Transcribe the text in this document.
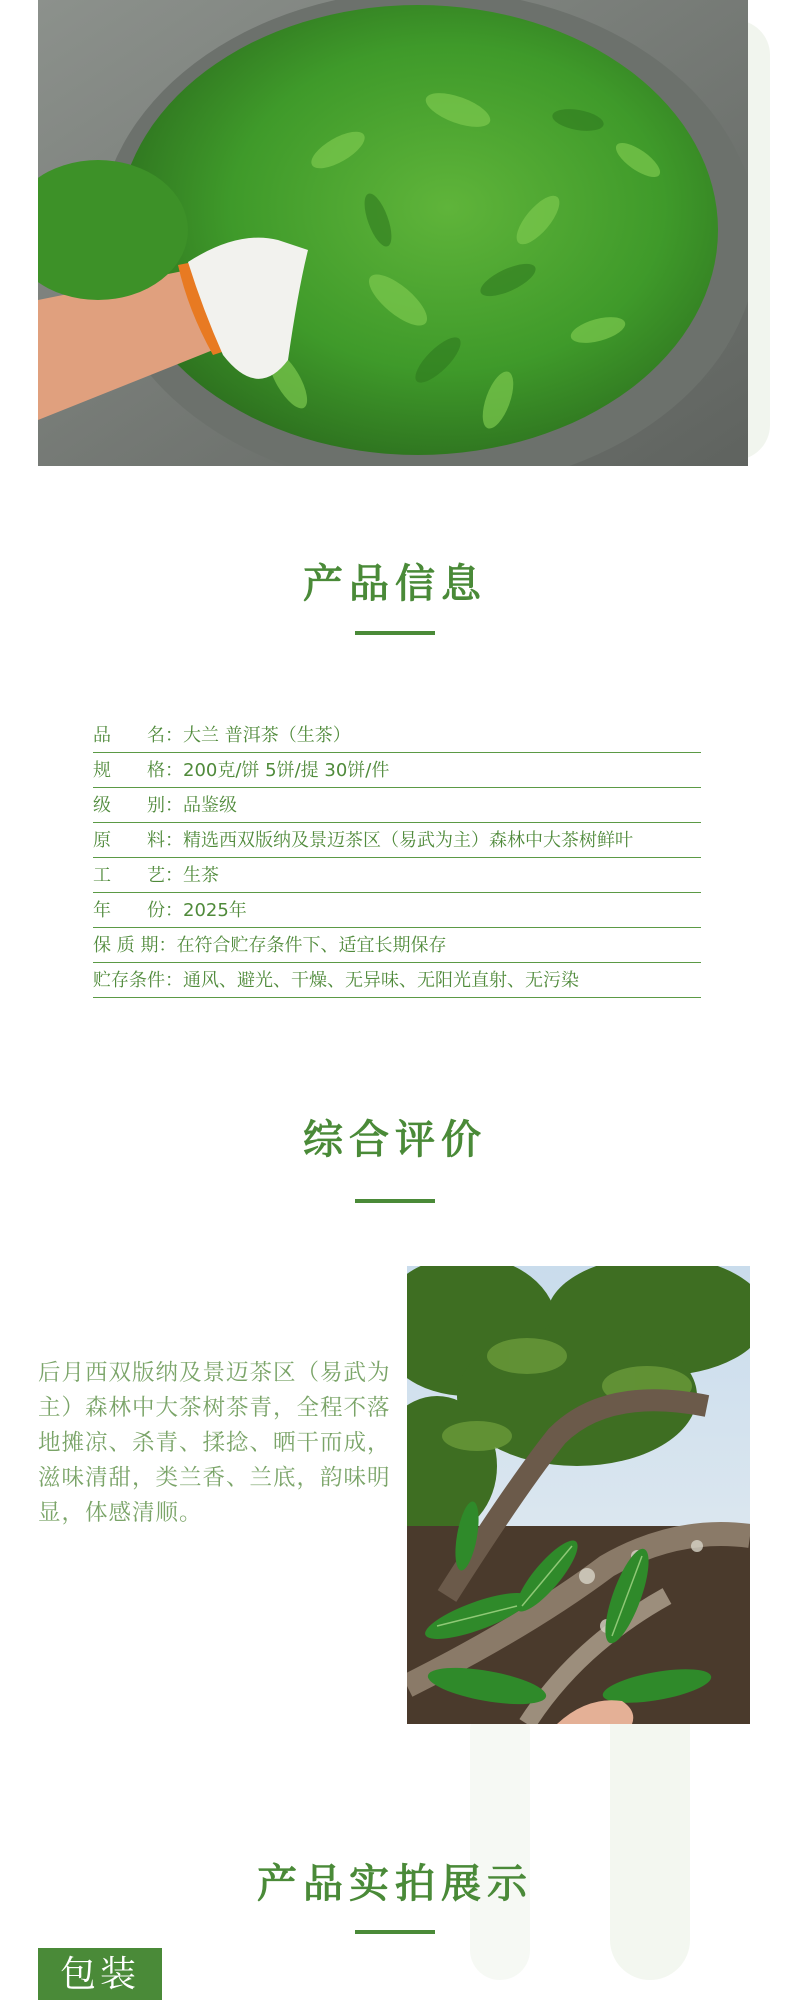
产品信息
品　　名： 大兰 普洱茶（生茶）
规　　格： 200克/饼 5饼/提 30饼/件
级　　别： 品鉴级
原　　料： 精选西双版纳及景迈茶区（易武为主）森林中大茶树鲜叶
工　　艺： 生茶
年　　份： 2025年
保 质 期： 在符合贮存条件下、适宜长期保存
贮存条件： 通风、避光、干燥、无异味、无阳光直射、无污染
综合评价
后月西双版纳及景迈茶区（易武为主）森林中大茶树茶青，全程不落地摊凉、杀青、揉捻、晒干而成，滋味清甜，类兰香、兰底，韵味明显，体感清顺。
产品实拍展示
包装
